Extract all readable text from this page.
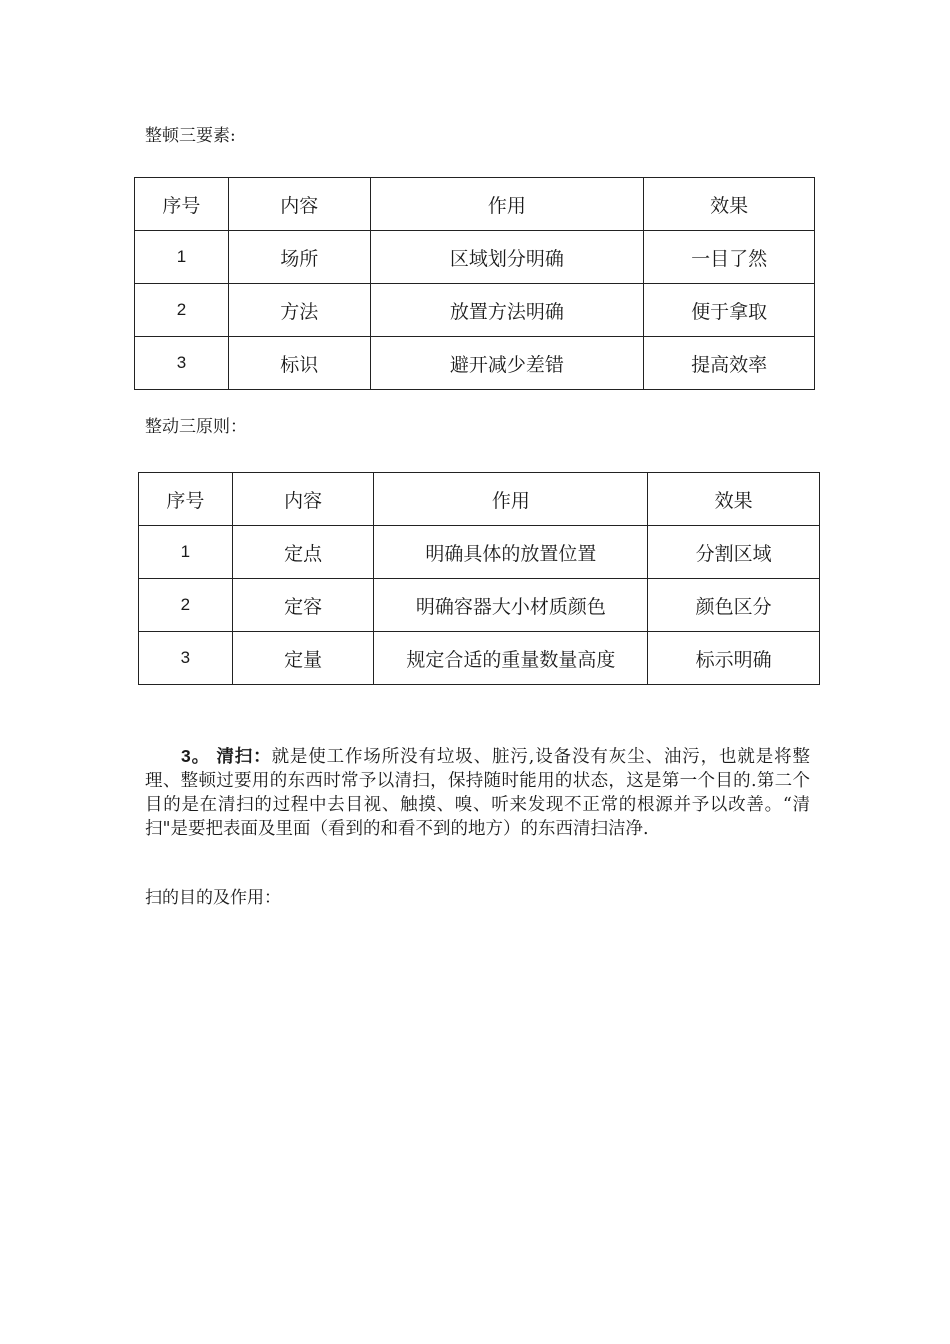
整顿三要素:

序号	内容	作用	效果
1	场所	区域划分明确	一目了然
2	方法	放置方法明确	便于拿取
3	标识	避开减少差错	提高效率

整动三原则：

序号	内容	作用	效果
1	定点	明确具体的放置位置	分割区域
2	定容	明确容器大小材质颜色	颜色区分
3	定量	规定合适的重量数量高度	标示明确

3。 清扫：就是使工作场所没有垃圾、脏污,设备没有灰尘、油污，也就是将整理、整顿过要用的东西时常予以清扫，保持随时能用的状态，这是第一个目的.第二个目的是在清扫的过程中去目视、触摸、嗅、听来发现不正常的根源并予以改善。“清扫"是要把表面及里面（看到的和看不到的地方）的东西清扫洁净.

扫的目的及作用：
